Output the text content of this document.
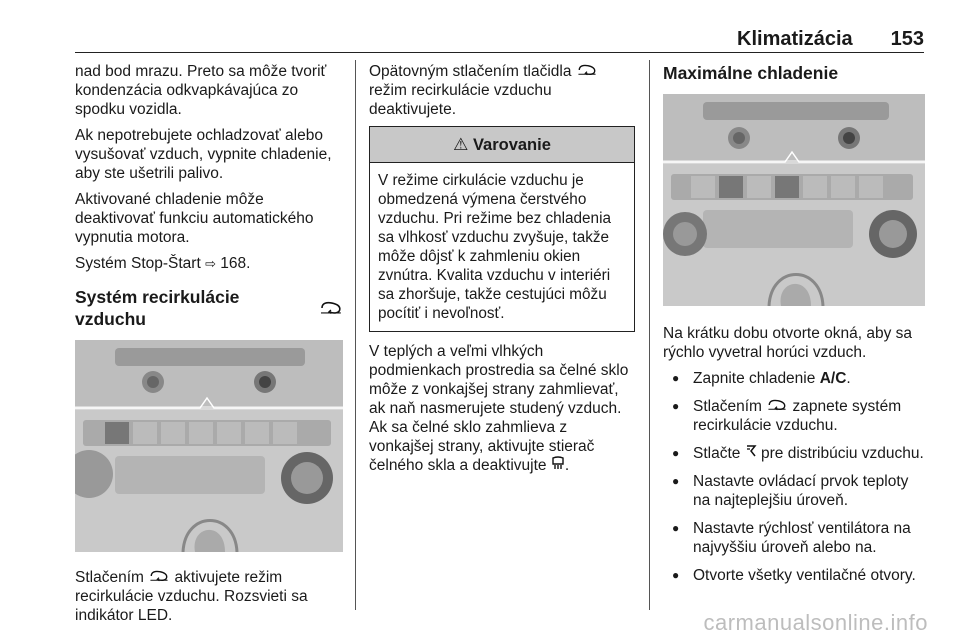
Klimatizácia 153

nad bod mrazu. Preto sa môže tvoriť kondenzácia odkvapkávajúca zo spodku vozidla.

Ak nepotrebujete ochladzovať alebo vysušovať vzduch, vypnite chladenie, aby ste ušetrili palivo.

Aktivované chladenie môže deaktivovať funkciu automatického vypnutia motora.

Systém Stop-Štart ⇨ 168.

Systém recirkulácie vzduchu

Stlačením aktivujete režim recirkulácie vzduchu. Rozsvieti sa indikátor LED.

Opätovným stlačením tlačidla  režim recirkulácie vzduchu deaktivujete.

⚠ Varovanie
V režime cirkulácie vzduchu je obmedzená výmena čerstvého vzduchu. Pri režime bez chladenia sa vlhkosť vzduchu zvyšuje, takže môže dôjsť k zahmleniu okien zvnútra. Kvalita vzduchu v interiéri sa zhoršuje, takže cestujúci môžu pocítiť i nevoľnosť.

V teplých a veľmi vlhkých podmienkach prostredia sa čelné sklo môže z vonkajšej strany zahmlievať, ak naň nasmerujete studený vzduch. Ak sa čelné sklo zahmlieva z vonkajšej strany, aktivujte stierač čelného skla a deaktivujte .

Maximálne chladenie

Na krátku dobu otvorte okná, aby sa rýchlo vyvetral horúci vzduch.

● Zapnite chladenie A/C.
● Stlačením zapnete systém recirkulácie vzduchu.
● Stlačte pre distribúciu vzduchu.
● Nastavte ovládací prvok teploty na najteplejšiu úroveň.
● Nastavte rýchlosť ventilátora na najvyššiu úroveň alebo na.
● Otvorte všetky ventilačné otvory.
carmanualsonline.info
